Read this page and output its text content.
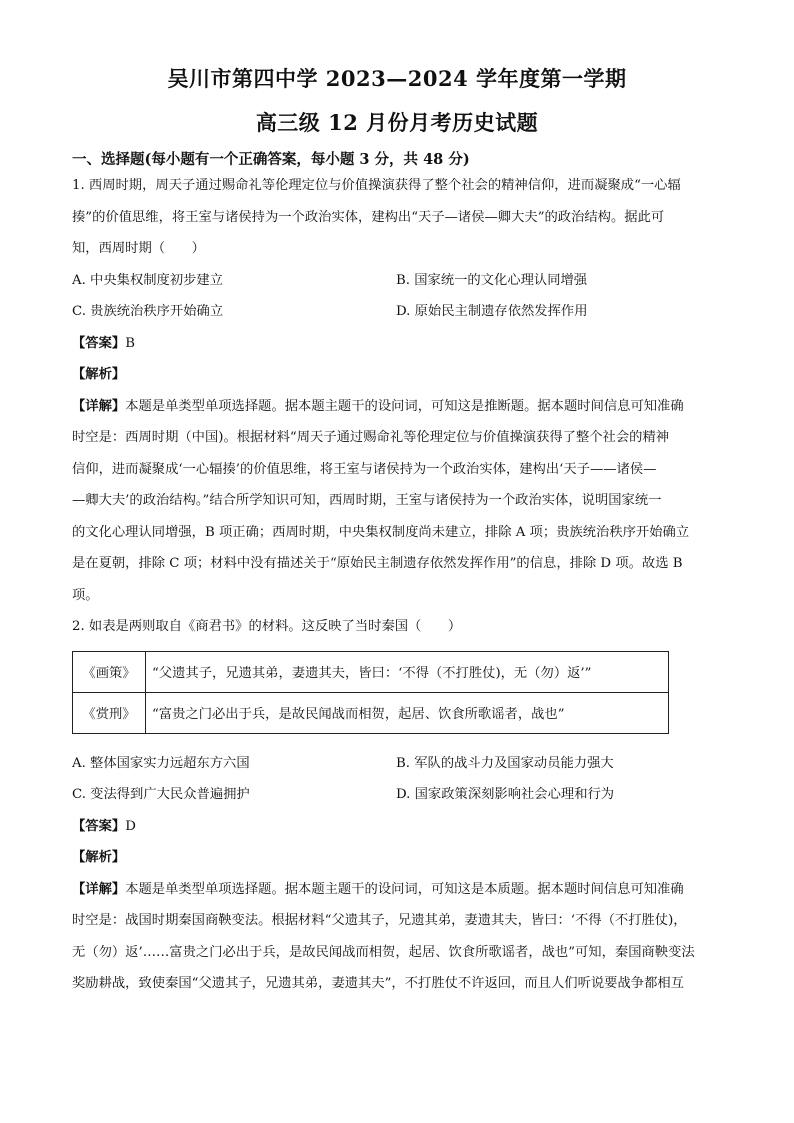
吴川市第四中学 2023—2024 学年度第一学期
高三级 12 月份月考历史试题
一、选择题(每小题有一个正确答案，每小题 3 分，共 48 分)

1. 西周时期，周天子通过赐命礼等伦理定位与价值操演获得了整个社会的精神信仰，进而凝聚成“一心辐

揍”的价值思维，将王室与诸侯持为一个政治实体，建构出“天子—诸侯—卿大夫”的政治结构。据此可

知，西周时期（　　）

A. 中央集权制度初步建立	B. 国家统一的文化心理认同增强
C. 贵族统治秩序开始确立	D. 原始民主制遗存依然发挥作用

【答案】B

【解析】

【详解】本题是单类型单项选择题。据本题主题干的设问词，可知这是推断题。据本题时间信息可知准确

时空是：西周时期（中国)。根据材料“周天子通过赐命礼等伦理定位与价值操演获得了整个社会的精神

信仰，进而凝聚成‘一心辐揍’的价值思维，将王室与诸侯持为一个政治实体，建构出‘天子——诸侯—

—卿大夫’的政治结构。”结合所学知识可知，西周时期，王室与诸侯持为一个政治实体，说明国家统一

的文化心理认同增强，B 项正确；西周时期，中央集权制度尚未建立，排除 A 项；贵族统治秩序开始确立

是在夏朝，排除 C 项；材料中没有描述关于“原始民主制遗存依然发挥作用”的信息，排除 D 项。故选 B

项。

2. 如表是两则取自《商君书》的材料。这反映了当时秦国（　　）

《画策》	“父遗其子，兄遗其弟，妻遗其夫，皆曰：‘不得（不打胜仗)，无（勿）返’”
《赏刑》	“富贵之门必出于兵，是故民闻战而相贺，起居、饮食所歌谣者，战也”
A. 整体国家实力远超东方六国	B. 军队的战斗力及国家动员能力强大
C. 变法得到广大民众普遍拥护	D. 国家政策深刻影响社会心理和行为

【答案】D

【解析】

【详解】本题是单类型单项选择题。据本题主题干的设问词，可知这是本质题。据本题时间信息可知准确

时空是：战国时期秦国商鞅变法。根据材料“父遗其子，兄遗其弟，妻遗其夫，皆曰：‘不得（不打胜仗)，

无（勿）返’……富贵之门必出于兵，是故民闻战而相贺，起居、饮食所歌谣者，战也”可知，秦国商鞅变法

奖励耕战，致使秦国“父遗其子，兄遗其弟，妻遗其夫”，不打胜仗不许返回，而且人们听说要战争都相互
